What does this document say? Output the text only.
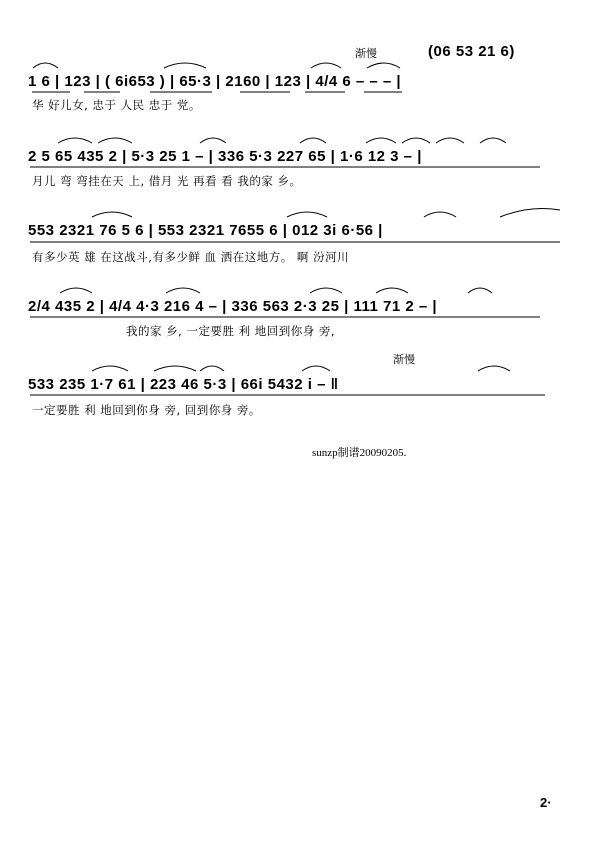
渐慢	(06 53 21 6)
1 6 | 123 | ( 6i653 ) | 65·3 | 2160 | 123 | 4/4 6 – – – |
华 好儿女, 忠于 人民 忠于 党。
2 5 65 435 2 | 5·3 25 1 – | 336 5·3 227 65 | 1·6 12 3 – |
月儿 弯 弯挂在天 上, 借月 光 再看 看 我的家 乡。
553 2321 76 5 6 | 553 2321 7655 6 | 012 3i 6·56 |
有多少英 雄 在这战斗,有多少鲜 血 洒在这地方。 啊 汾河川
2/4 435 2 | 4/4 4·3 216 4 – | 336 563 2·3 25 | 111 71 2 – |
我的家 乡, 一定要胜 利 地回到你身 旁,
渐慢
533 235 1·7 61 | 223 46 5·3 | 66i 5432 i – ‖
一定要胜 利 地回到你身 旁, 回到你身 旁。
sunzp制谱20090205.
2·
